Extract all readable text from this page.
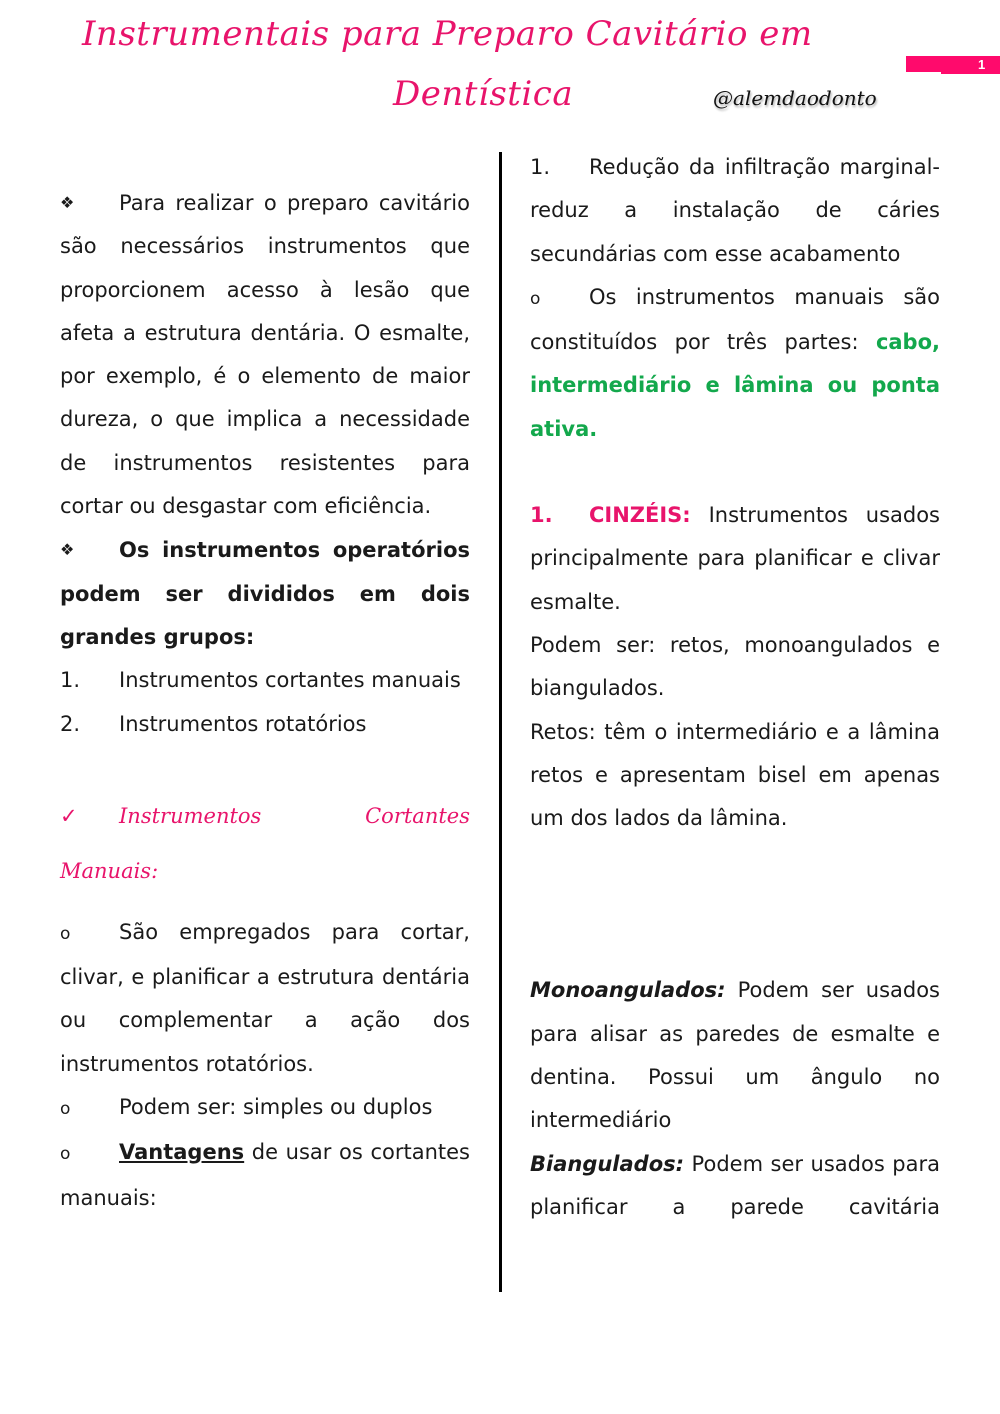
Instrumentais para Preparo Cavitário em
Dentística	@alemdaodonto
1

❖ Para realizar o preparo cavitário são necessários instrumentos que proporcionem acesso à lesão que afeta a estrutura dentária. O esmalte, por exemplo, é o elemento de maior dureza, o que implica a necessidade de instrumentos resistentes para cortar ou desgastar com eficiência.

❖ Os instrumentos operatórios podem ser divididos em dois grandes grupos:

1. Instrumentos cortantes manuais

2. Instrumentos rotatórios

✓ Instrumentos Cortantes Manuais:

o São empregados para cortar, clivar, e planificar a estrutura dentária ou complementar a ação dos instrumentos rotatórios.

o Podem ser: simples ou duplos

o Vantagens de usar os cortantes manuais:

1. Redução da infiltração marginal- reduz a instalação de cáries secundárias com esse acabamento

o Os instrumentos manuais são constituídos por três partes: cabo, intermediário e lâmina ou ponta ativa.

1. CINZÉIS: Instrumentos usados principalmente para planificar e clivar esmalte.

Podem ser: retos, monoangulados e biangulados.

Retos: têm o intermediário e a lâmina retos e apresentam bisel em apenas um dos lados da lâmina.

Monoangulados: Podem ser usados para alisar as paredes de esmalte e dentina. Possui um ângulo no intermediário

Biangulados: Podem ser usados para planificar a parede cavitária
